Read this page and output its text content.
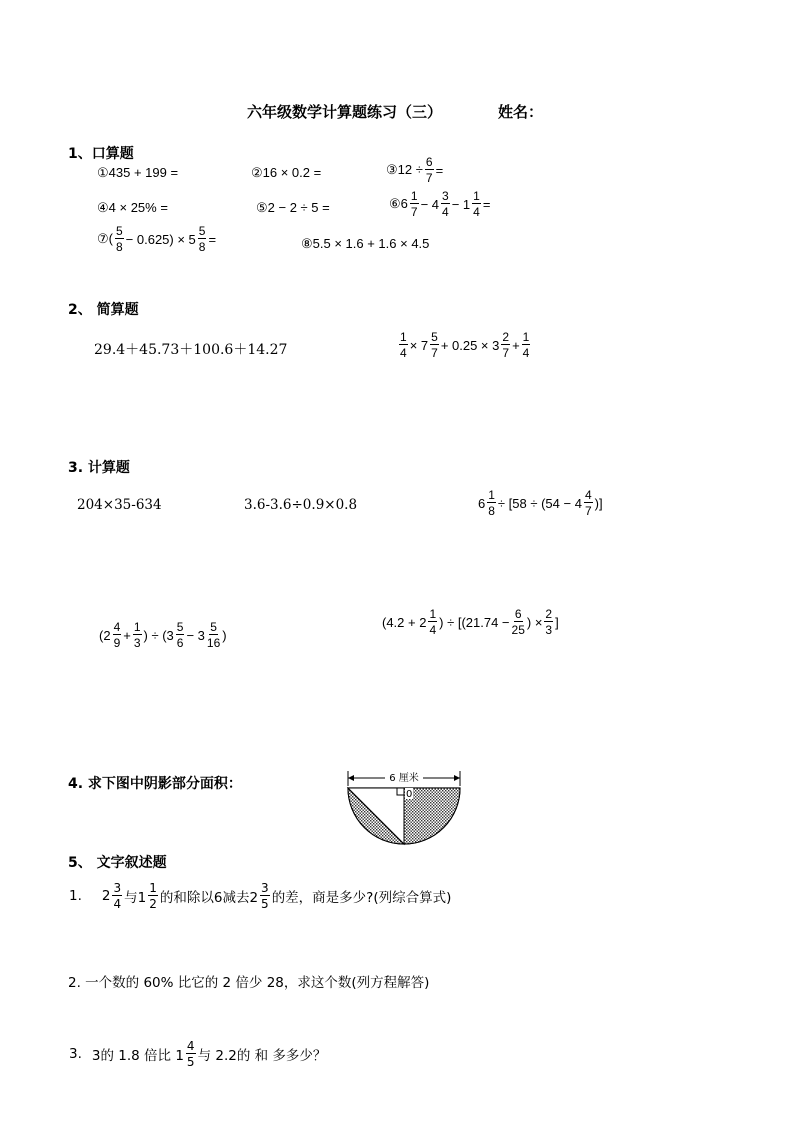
六年级数学计算题练习（三）	姓名：
1、口算题
①435 + 199 =	②16 × 0.2 =	③12 ÷ $\frac{6}{7}$ =
④4 × 25% =	⑤2 − 2 ÷ 5 =	⑥6 $\frac{1}{7} - 4 \frac{3}{4} - 1 \frac{1}{4}$ =
⑦( $\frac{5}{8} - 0.625) \times 5 \frac{5}{8}$ =	⑧5.5 × 1.6 + 1.6 × 4.5
2、 简算题
29.4＋45.73＋100.6＋14.27	$\frac{1}{4} \times 7 \frac{5}{7} + 0.25 \times 3 \frac{2}{7} + \frac{1}{4}$
3. 计算题
204×35-634	3.6-3.6÷0.9×0.8	$6 \frac{1}{8} \div [58 \div (54 - 4 \frac{4}{7}$ )]
($2 \frac{4}{9} + \frac{1}{3}$ ) ÷ ($3 \frac{5}{6} - 3 \frac{5}{16}$ )
($4.2 + 2 \frac{1}{4}$ ) ÷ [($21.74 - \frac{6}{25}$ ) × $\frac{2}{3}$ ]
4. 求下图中阴影部分面积：	6 厘米
0
5、 文字叙述题
1. $2 \frac{3}{4}$ 与$1 \frac{1}{2}$ 的和除以6减去$2 \frac{3}{5}$ 的差，商是多少?(列综合算式)
2. 一个数的 60% 比它的 2 倍少 28，求这个数(列方程解答)
3. 3的 1.8 倍比 $1 \frac{4}{5}$ 与 2.2的 和 多多少？
